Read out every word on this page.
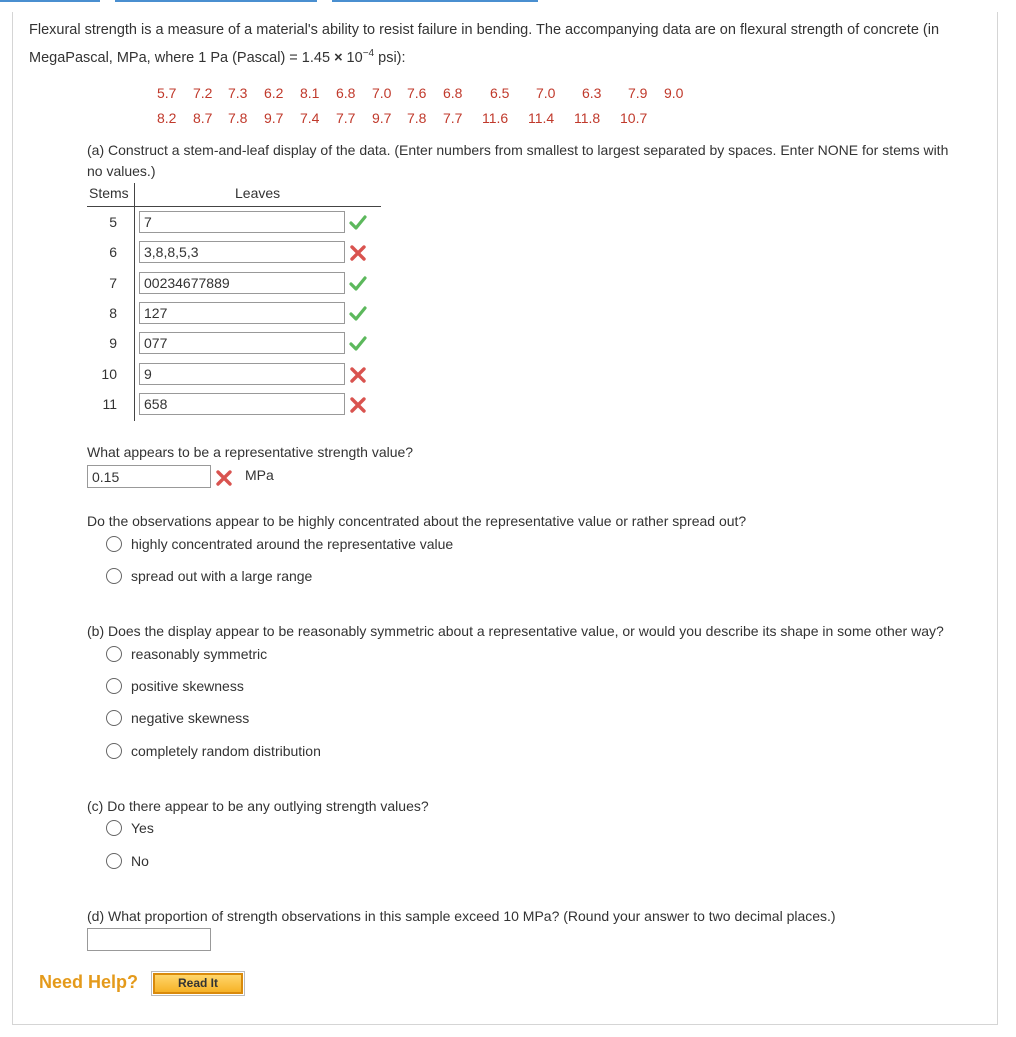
Flexural strength is a measure of a material's ability to resist failure in bending. The accompanying data are on flexural strength of concrete (in
MegaPascal, MPa, where 1 Pa (Pascal) = $1.45 \times 10^{-4}$ psi):
5.7 7.2 7.3 6.2 8.1 6.8 7.0 7.6 6.8 6.5 7.0 6.3 7.9 9.0
8.2 8.7 7.8 9.7 7.4 7.7 9.7 7.8 7.7 11.6 11.4 11.8 10.7
(a) Construct a stem-and-leaf display of the data. (Enter numbers from smallest to largest separated by spaces. Enter NONE for stems with
no values.)
Stems	Leaves
5
7
6
3,8,8,5,3
7
00234677889
8
127
9
077
10
9
11
658
What appears to be a representative strength value?
0.15
MPa
Do the observations appear to be highly concentrated about the representative value or rather spread out?
highly concentrated around the representative value
spread out with a large range
(b) Does the display appear to be reasonably symmetric about a representative value, or would you describe its shape in some other way?
reasonably symmetric
positive skewness
negative skewness
completely random distribution
(c) Do there appear to be any outlying strength values?
Yes
No
(d) What proportion of strength observations in this sample exceed 10 MPa? (Round your answer to two decimal places.)
Need Help?	Read It
